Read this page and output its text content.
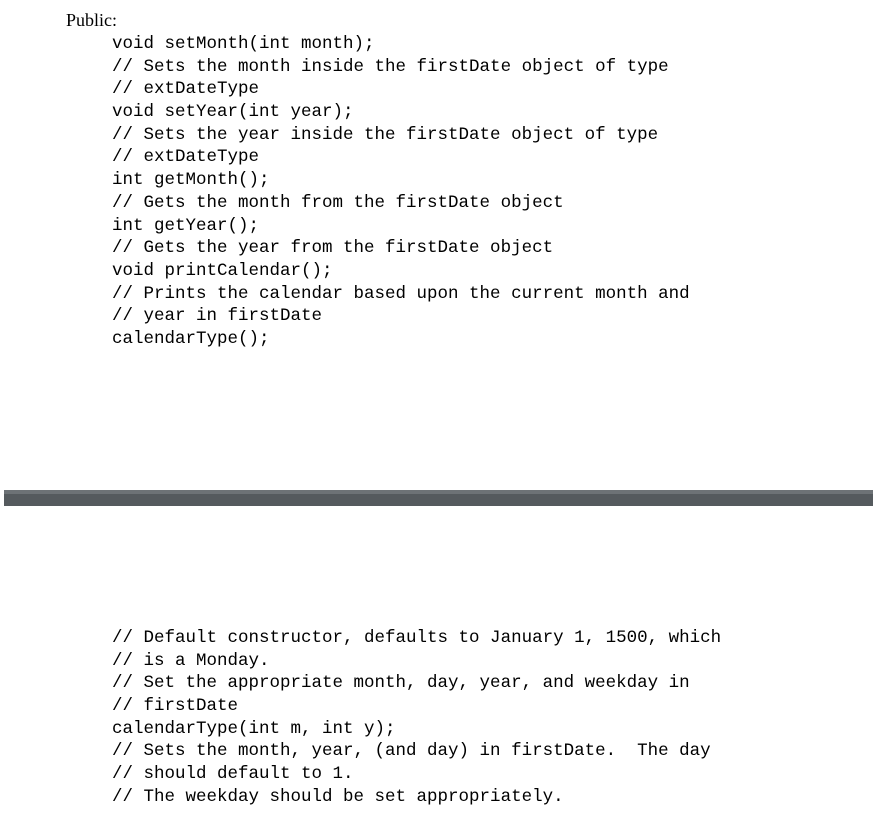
Public:
void setMonth(int month);
// Sets the month inside the firstDate object of type
// extDateType
void setYear(int year);
// Sets the year inside the firstDate object of type
// extDateType
int getMonth();
// Gets the month from the firstDate object
int getYear();
// Gets the year from the firstDate object
void printCalendar();
// Prints the calendar based upon the current month and
// year in firstDate
calendarType();
// Default constructor, defaults to January 1, 1500, which
// is a Monday.
// Set the appropriate month, day, year, and weekday in
// firstDate
calendarType(int m, int y);
// Sets the month, year, (and day) in firstDate.  The day
// should default to 1.
// The weekday should be set appropriately.
